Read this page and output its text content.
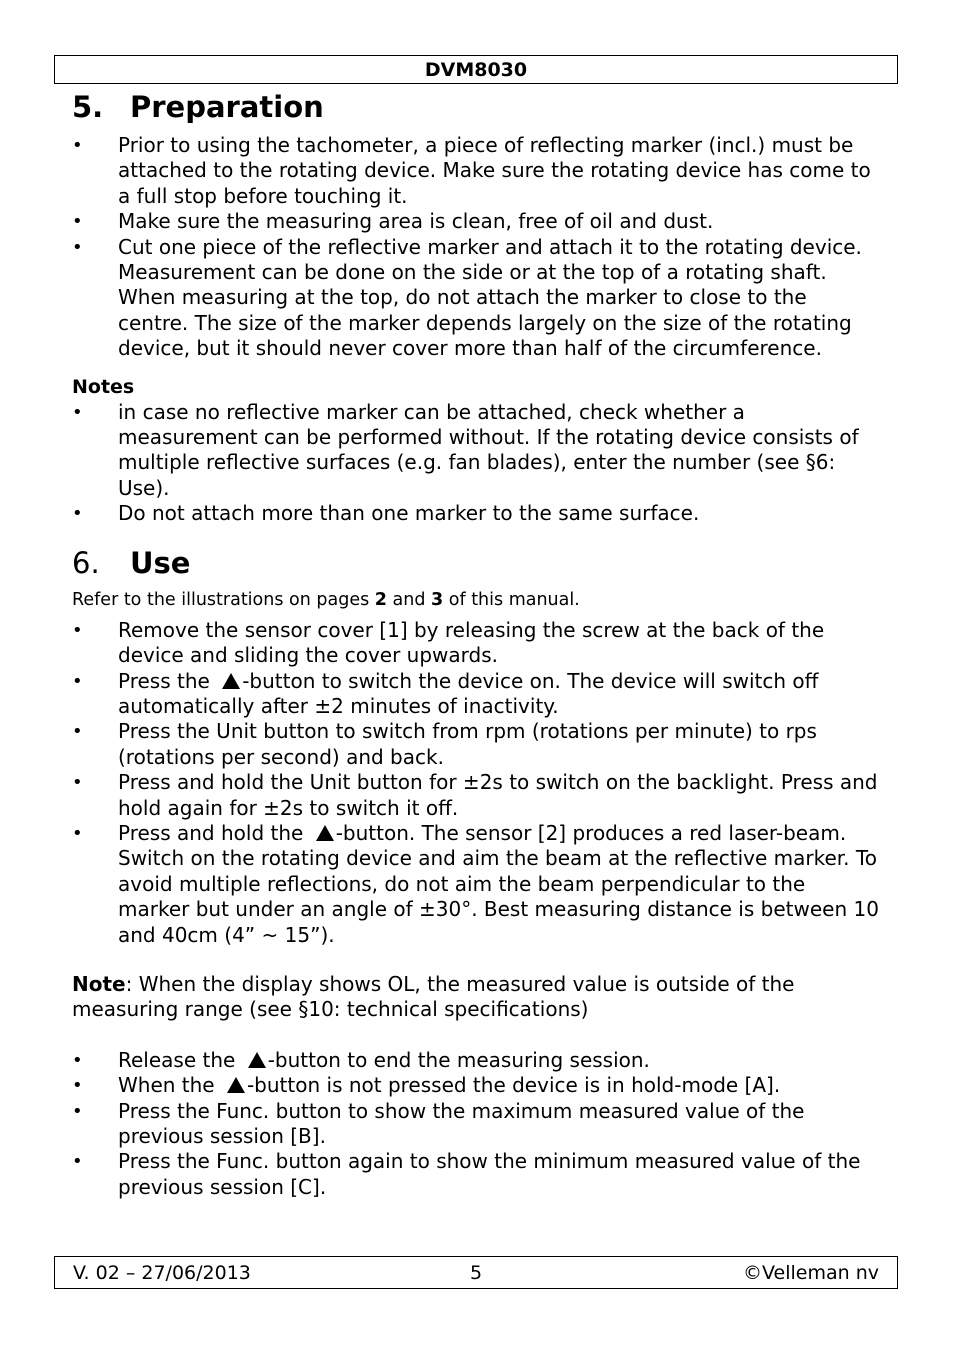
DVM8030
5. Preparation
• Prior to using the tachometer, a piece of reflecting marker (incl.) must be attached to the rotating device. Make sure the rotating device has come to a full stop before touching it.
• Make sure the measuring area is clean, free of oil and dust.
• Cut one piece of the reflective marker and attach it to the rotating device. Measurement can be done on the side or at the top of a rotating shaft. When measuring at the top, do not attach the marker to close to the centre. The size of the marker depends largely on the size of the rotating device, but it should never cover more than half of the circumference.
Notes
• in case no reflective marker can be attached, check whether a measurement can be performed without. If the rotating device consists of multiple reflective surfaces (e.g. fan blades), enter the number (see §6: Use).
• Do not attach more than one marker to the same surface.
6. Use
Refer to the illustrations on pages 2 and 3 of this manual.
• Remove the sensor cover [1] by releasing the screw at the back of the device and sliding the cover upwards.
• Press the -button to switch the device on. The device will switch off automatically after ±2 minutes of inactivity.
• Press the Unit button to switch from rpm (rotations per minute) to rps (rotations per second) and back.
• Press and hold the Unit button for ±2s to switch on the backlight. Press and hold again for ±2s to switch it off.
• Press and hold the -button. The sensor [2] produces a red laser-beam. Switch on the rotating device and aim the beam at the reflective marker. To avoid multiple reflections, do not aim the beam perpendicular to the marker but under an angle of ±30°. Best measuring distance is between 10 and 40cm (4” ~ 15”).
Note: When the display shows OL, the measured value is outside of the measuring range (see §10: technical specifications)
• Release the -button to end the measuring session.
• When the -button is not pressed the device is in hold-mode [A].
• Press the Func. button to show the maximum measured value of the previous session [B].
• Press the Func. button again to show the minimum measured value of the previous session [C].
V. 02 – 27/06/2013	5	©Velleman nv
